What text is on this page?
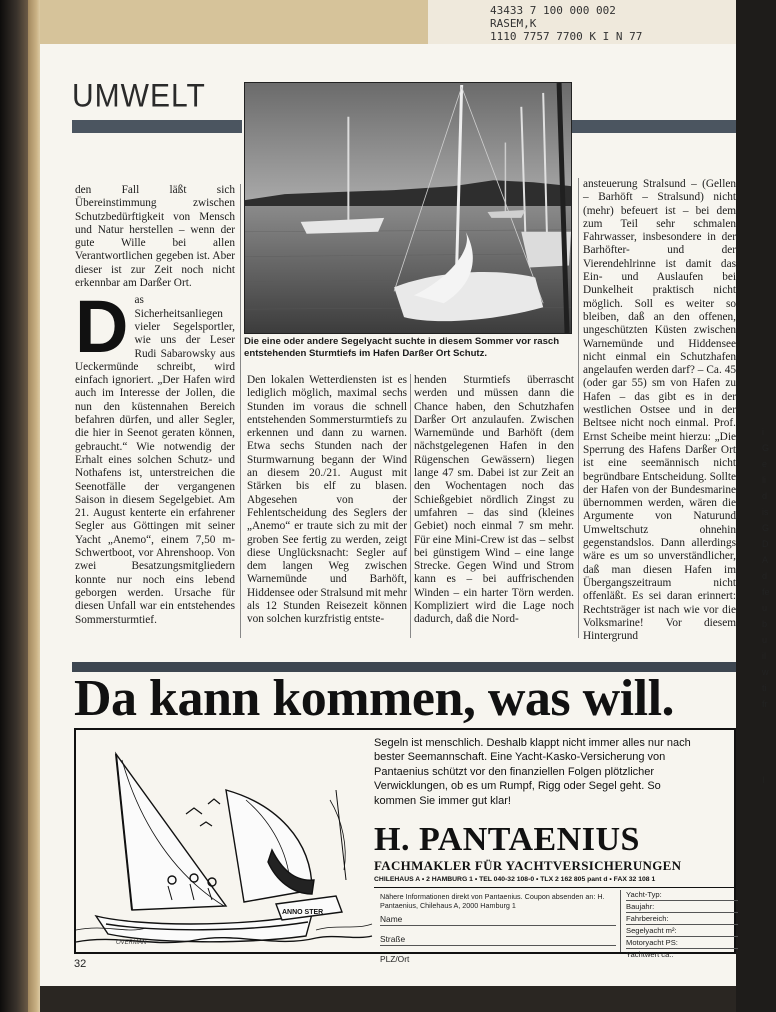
43433 7 100 000 002
RASEM,K
1110 7757 7700 K I N 77
UMWELT
Die eine oder andere Segelyacht suchte in diesem Sommer vor rasch entstehenden Sturmtiefs im Hafen Darßer Ort Schutz.

den Fall läßt sich Übereinstimmung zwischen Schutzbedürftigkeit von Mensch und Natur herstellen – wenn der gute Wille bei allen Verantwortlichen gegeben ist. Aber dieser ist zur Zeit noch nicht erkennbar am Darßer Ort.

D as Sicherheitsanliegen vieler Segelsportler, wie uns der Leser Rudi Sabarowsky aus Ueckermünde schreibt, wird einfach ignoriert. „Der Hafen wird auch im Interesse der Jollen, die nun den küstennahen Bereich befahren dürfen, und aller Segler, die hier in Seenot geraten können, gebraucht.“ Wie notwendig der Erhalt eines solchen Schutz- und Nothafens ist, unterstreichen die Seenotfälle der vergangenen Saison in diesem Segelgebiet. Am 21. August kenterte ein erfahrener Segler aus Göttingen mit seiner Yacht „Anemo“, einem 7,50 m-Schwertboot, vor Ahrenshoop. Von zwei Besatzungsmitgliedern konnte nur noch eins lebend geborgen werden. Ursache für diesen Unfall war ein entstehendes Sommersturmtief.

Den lokalen Wetterdiensten ist es lediglich möglich, maximal sechs Stunden im voraus die schnell entstehenden Sommersturmtiefs zu erkennen und dann zu warnen. Etwa sechs Stunden nach der Sturmwarnung begann der Wind an diesem 20./21. August mit Stärken bis elf zu blasen. Abgesehen von der Fehlentscheidung des Seglers der „Anemo“ er traute sich zu mit der groben See fertig zu werden, zeigt diese Unglücksnacht: Segler auf dem langen Weg zwischen Warnemünde und Barhöft, Hiddensee oder Stralsund mit mehr als 12 Stunden Reisezeit können von solchen kurzfristig entste-

henden Sturmtiefs überrascht werden und müssen dann die Chance haben, den Schutzhafen Darßer Ort anzulaufen. Zwischen Warnemünde und Barhöft (dem nächstgelegenen Hafen in den Rügenschen Gewässern) liegen lange 47 sm. Dabei ist zur Zeit an den Wochentagen noch das Schießgebiet nördlich Zingst zu umfahren – das sind (kleines Gebiet) noch einmal 7 sm mehr. Für eine Mini-Crew ist das – selbst bei günstigem Wind – eine lange Strecke. Gegen Wind und Strom kann es – bei auffrischenden Winden – ein harter Törn werden. Kompliziert wird die Lage noch dadurch, daß die Nord-

ansteuerung Stralsund – (Gellen – Barhöft – Stralsund) nicht (mehr) befeuert ist – bei dem zum Teil sehr schmalen Fahrwasser, insbesondere in der Barhöfter- und der Vierendehlrinne ist damit das Ein- und Auslaufen bei Dunkelheit praktisch nicht möglich. Soll es weiter so bleiben, daß an den offenen, ungeschützten Küsten zwischen Warnemünde und Hiddensee nicht einmal ein Schutzhafen angelaufen werden darf? – Ca. 45 (oder gar 55) sm von Hafen zu Hafen – das gibt es in der westlichen Ostsee und in der Beltsee nicht noch einmal. Prof. Ernst Scheibe meint hierzu: „Die Sperrung des Hafens Darßer Ort ist eine seemännisch nicht begründbare Entscheidung. Sollte der Hafen von der Bundesmarine übernommen werden, wären die Argumente von Naturund Umweltschutz ohnehin gegenstandslos. Dann allerdings wäre es um so unverständlicher, daß man diesen Hafen im Übergangszeitraum nicht offenläßt. Es sei daran erinnert: Rechtsträger ist nach wie vor die Volksmarine! Vor diesem Hintergrund

Da kann kommen, was will.
ANNO STER
OVERMAN
Segeln ist menschlich. Deshalb klappt nicht immer alles nur nach bester Seemannschaft. Eine Yacht-Kasko-Versicherung von Pantaenius schützt vor den finanziellen Folgen plötzlicher Verwicklungen, ob es um Rumpf, Rigg oder Segel geht. So kommen Sie immer gut klar!
H. PANTAENIUS
FACHMAKLER FÜR YACHTVERSICHERUNGEN
CHILEHAUS A • 2 HAMBURG 1 • TEL 040-32 108-0 • TLX 2 162 805 pant d • FAX 32 108 1
Nähere Informationen direkt von Pantaenius. Coupon absenden an: H. Pantaenius, Chilehaus A, 2000 Hamburg 1
Name
Straße
PLZ/Ort
Yacht-Typ:
Baujahr:
Fahrbereich:
Segelyacht m²:
Motoryacht PS:
Yachtwert ca.:
32
i
G
e
li
d
is
G
D
A
d
fe
u
b
u
il
w
ti
fr
I
